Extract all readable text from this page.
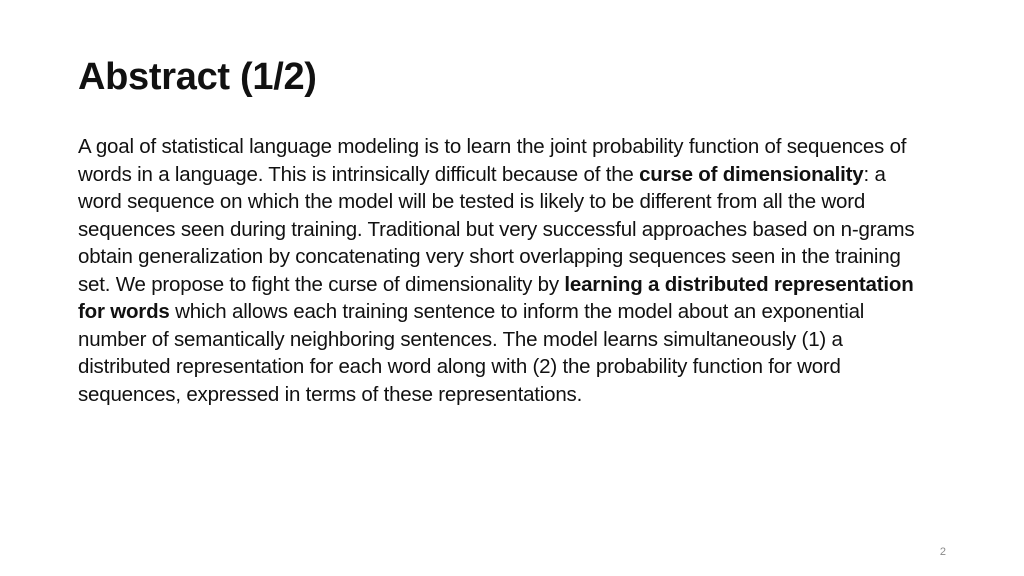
Abstract (1/2)

A goal of statistical language modeling is to learn the joint probability function of sequences of words in a language. This is intrinsically difficult because of the curse of dimensionality: a word sequence on which the model will be tested is likely to be different from all the word sequences seen during training. Traditional but very successful approaches based on n-grams obtain generalization by concatenating very short overlapping sequences seen in the training set. We propose to fight the curse of dimensionality by learning a distributed representation for words which allows each training sentence to inform the model about an exponential number of semantically neighboring sentences. The model learns simultaneously (1) a distributed representation for each word along with (2) the probability function for word sequences, expressed in terms of these representations.

2
